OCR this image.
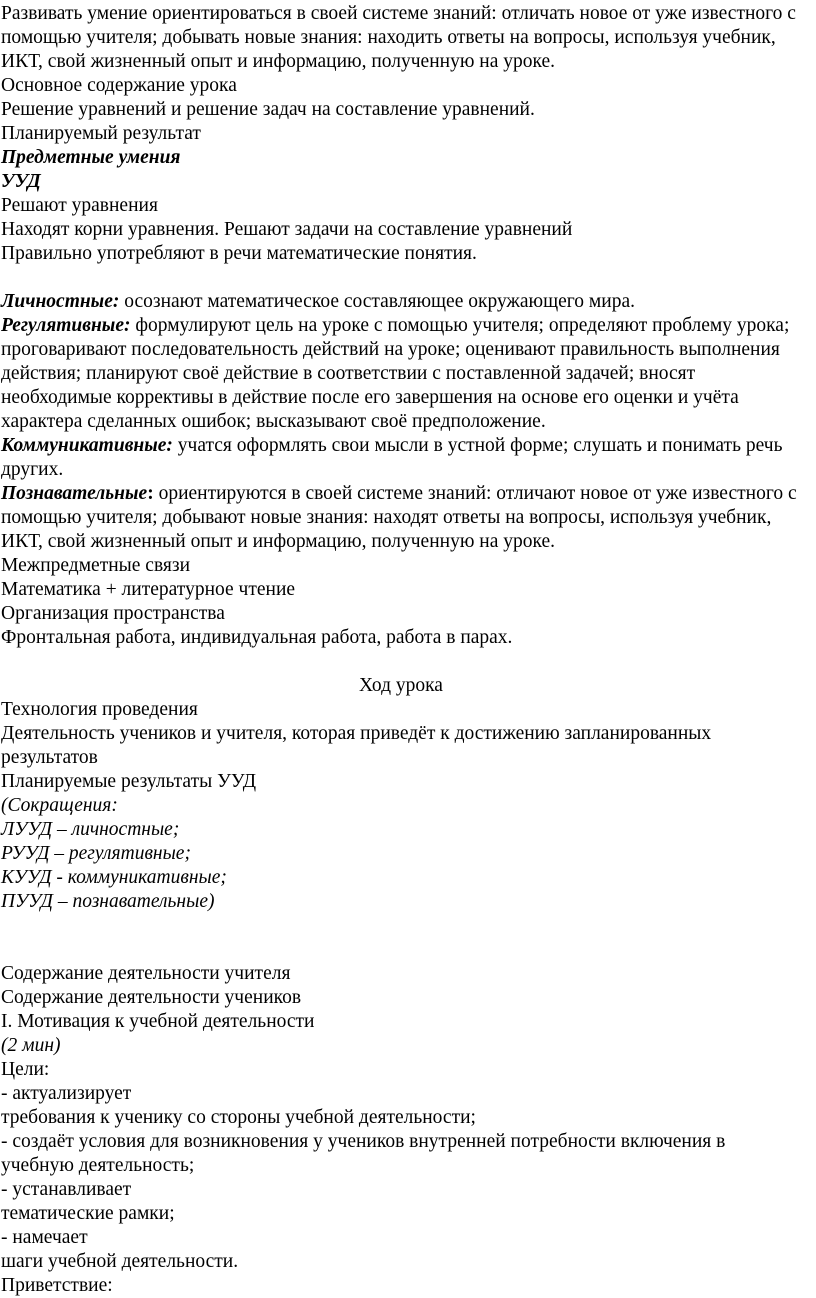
Развивать умение ориентироваться в своей системе знаний: отличать новое от уже известного с помощью учителя; добывать новые знания: находить ответы на вопросы, используя учебник, ИКТ, свой жизненный опыт и информацию, полученную на уроке.

Основное содержание урока

Решение уравнений и решение задач на составление уравнений.

Планируемый результат

Предметные умения

УУД

Решают уравнения

Находят корни уравнения. Решают задачи на составление уравнений

Правильно употребляют в речи математические понятия.

Личностные: осознают математическое составляющее окружающего мира.

Регулятивные: формулируют цель на уроке с помощью учителя; определяют проблему урока; проговаривают последовательность действий на уроке; оценивают правильность выполнения действия; планируют своё действие в соответствии с поставленной задачей; вносят необходимые коррективы в действие после его завершения на основе его оценки и учёта характера сделанных ошибок; высказывают своё предположение.

Коммуникативные: учатся оформлять свои мысли в устной форме; слушать и понимать речь других.

Познавательные: ориентируются в своей системе знаний: отличают новое от уже известного с помощью учителя; добывают новые знания: находят ответы на вопросы, используя учебник, ИКТ, свой жизненный опыт и информацию, полученную на уроке.

Межпредметные связи

Математика + литературное чтение

Организация пространства

Фронтальная работа, индивидуальная работа, работа в парах.

Ход урока

Технология проведения

Деятельность учеников и учителя, которая приведёт к достижению запланированных результатов

Планируемые результаты УУД

(Сокращения:

ЛУУД – личностные;

РУУД – регулятивные;

КУУД - коммуникативные;

ПУУД – познавательные)

Содержание деятельности учителя

Содержание деятельности учеников

I. Мотивация к учебной деятельности

(2 мин)

Цели:

- актуализирует

требования к ученику со стороны учебной деятельности;

- создаёт условия для возникновения у учеников внутренней потребности включения в учебную деятельность;

- устанавливает

тематические рамки;

- намечает

шаги учебной деятельности.

Приветствие:
